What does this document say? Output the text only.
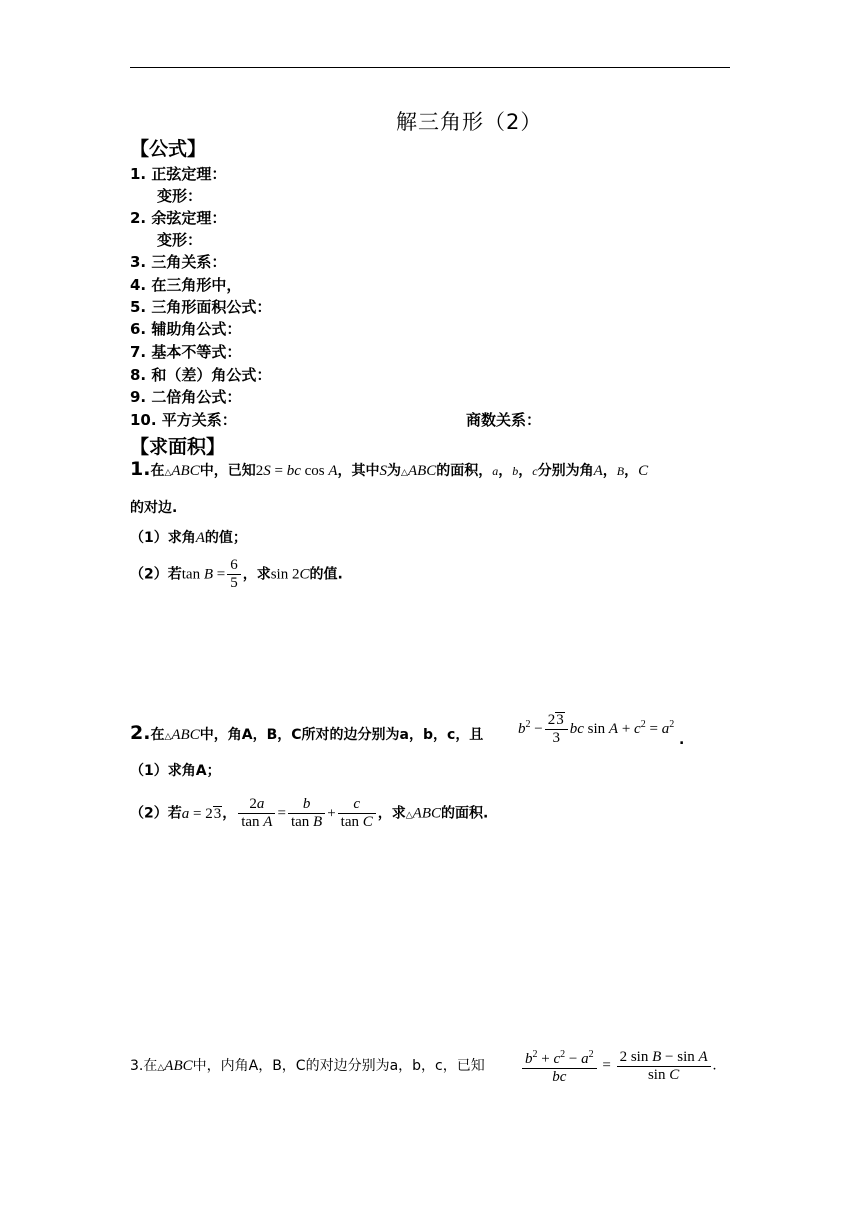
解三角形（2）
【公式】
1. 正弦定理：
变形：
2. 余弦定理：
变形：
3. 三角关系：
4. 在三角形中，
5. 三角形面积公式：
6. 辅助角公式：
7. 基本不等式：
8. 和（差）角公式：
9. 二倍角公式：
10. 平方关系：	商数关系：
【求面积】
1.在△ABC中，已知2S = bc cos A，其中S为△ABC的面积，a，b，c分别为角A，B，C
的对边.
（1）求角A的值；
（2）若$\tan B = \frac{6}{5}$ ，求sin 2C的值.
2.在△ABC中，角A，B，C所对的边分别为a，b，c，且 $b^2 - \frac{23}{3}$ bc $\sin A + c^2 = a^2$
.
（1）求角A；
（2）若a = 23， $\frac{2a}{\text{tan A}} = \frac{b}{\text{tan B}} + \frac{c}{\text{tan C}}$ ，求△ABC的面积.
3.在△ABC中，内角A，B，C的对边分别为a，b，c，已知 $\frac{b^2 + c^2 - a^2}{bc} = \frac{\text{2 sin B − sin A}}{\text{sin C}}$ .
